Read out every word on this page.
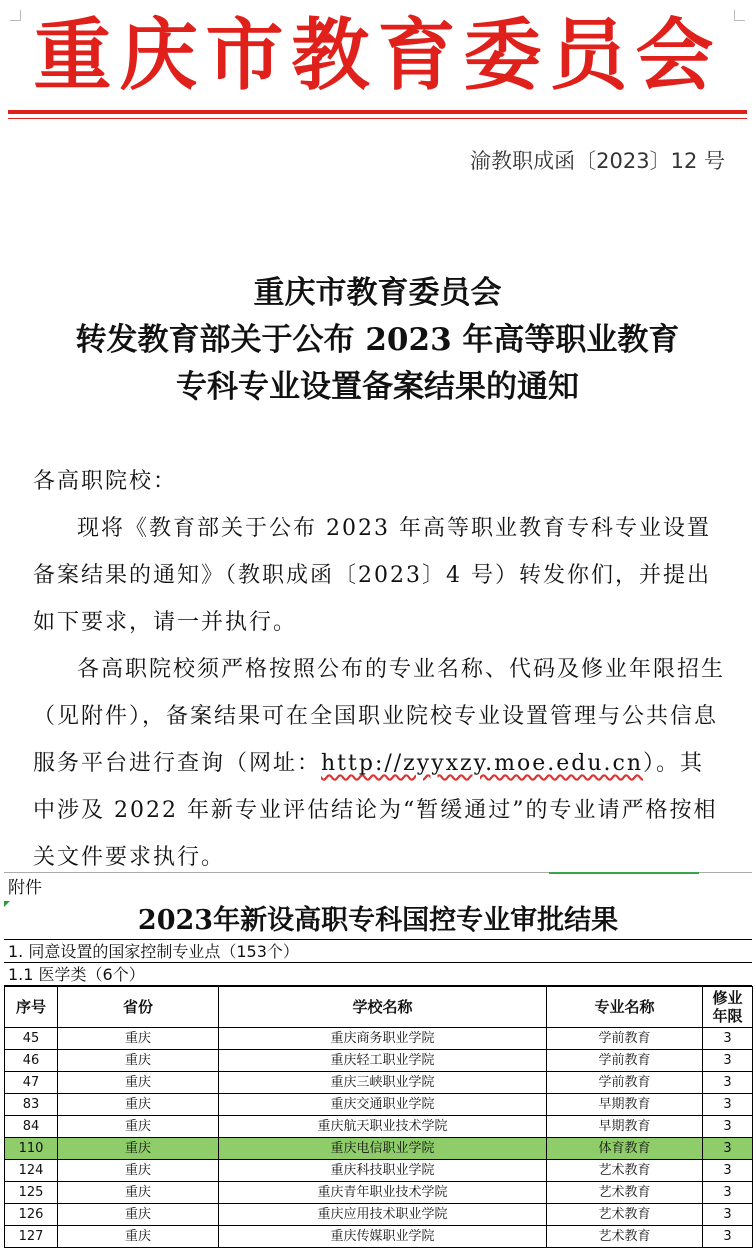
重庆市教育委员会
渝教职成函〔2023〕12 号
重庆市教育委员会
转发教育部关于公布 2023 年高等职业教育
专科专业设置备案结果的通知

各高职院校：

现将《教育部关于公布 2023 年高等职业教育专科专业设置备案结果的通知》（教职成函〔2023〕4 号）转发你们，并提出如下要求，请一并执行。

各高职院校须严格按照公布的专业名称、代码及修业年限招生（见附件），备案结果可在全国职业院校专业设置管理与公共信息服务平台进行查询（网址：http://zyyxzy.moe.edu.cn）。其中涉及 2022 年新专业评估结论为“暂缓通过”的专业请严格按相关文件要求执行。

附件
2023年新设高职专科国控专业审批结果
1. 同意设置的国家控制专业点（153个）
1.1 医学类（6个）
序号	省份	学校名称	专业名称	修业
年限
45	重庆	重庆商务职业学院	学前教育	3
46	重庆	重庆轻工职业学院	学前教育	3
47	重庆	重庆三峡职业学院	学前教育	3
83	重庆	重庆交通职业学院	早期教育	3
84	重庆	重庆航天职业技术学院	早期教育	3
110	重庆	重庆电信职业学院	体育教育	3
124	重庆	重庆科技职业学院	艺术教育	3
125	重庆	重庆青年职业技术学院	艺术教育	3
126	重庆	重庆应用技术职业学院	艺术教育	3
127	重庆	重庆传媒职业学院	艺术教育	3
